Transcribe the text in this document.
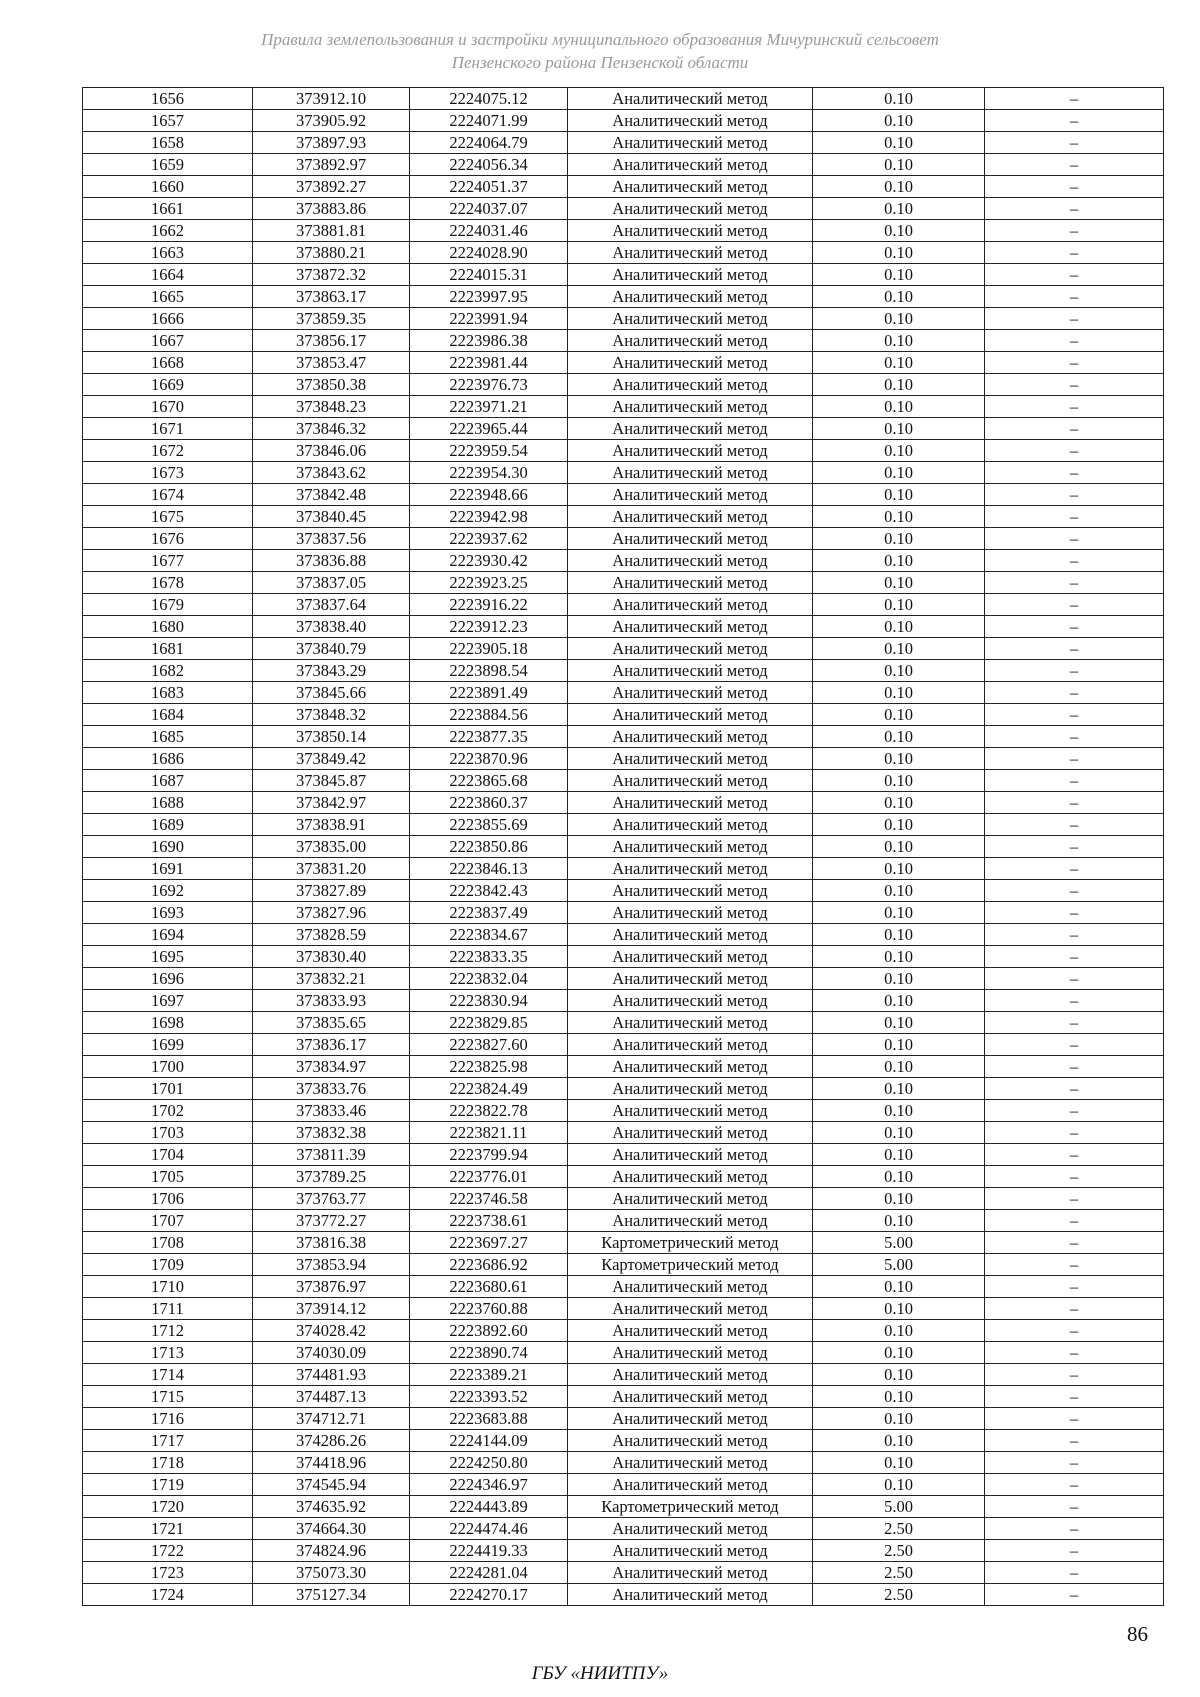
Правила землепользования и застройки муниципального образования Мичуринский сельсовет
Пензенского района Пензенской области
1656	373912.10	2224075.12	Аналитический метод	0.10	–
1657	373905.92	2224071.99	Аналитический метод	0.10	–
1658	373897.93	2224064.79	Аналитический метод	0.10	–
1659	373892.97	2224056.34	Аналитический метод	0.10	–
1660	373892.27	2224051.37	Аналитический метод	0.10	–
1661	373883.86	2224037.07	Аналитический метод	0.10	–
1662	373881.81	2224031.46	Аналитический метод	0.10	–
1663	373880.21	2224028.90	Аналитический метод	0.10	–
1664	373872.32	2224015.31	Аналитический метод	0.10	–
1665	373863.17	2223997.95	Аналитический метод	0.10	–
1666	373859.35	2223991.94	Аналитический метод	0.10	–
1667	373856.17	2223986.38	Аналитический метод	0.10	–
1668	373853.47	2223981.44	Аналитический метод	0.10	–
1669	373850.38	2223976.73	Аналитический метод	0.10	–
1670	373848.23	2223971.21	Аналитический метод	0.10	–
1671	373846.32	2223965.44	Аналитический метод	0.10	–
1672	373846.06	2223959.54	Аналитический метод	0.10	–
1673	373843.62	2223954.30	Аналитический метод	0.10	–
1674	373842.48	2223948.66	Аналитический метод	0.10	–
1675	373840.45	2223942.98	Аналитический метод	0.10	–
1676	373837.56	2223937.62	Аналитический метод	0.10	–
1677	373836.88	2223930.42	Аналитический метод	0.10	–
1678	373837.05	2223923.25	Аналитический метод	0.10	–
1679	373837.64	2223916.22	Аналитический метод	0.10	–
1680	373838.40	2223912.23	Аналитический метод	0.10	–
1681	373840.79	2223905.18	Аналитический метод	0.10	–
1682	373843.29	2223898.54	Аналитический метод	0.10	–
1683	373845.66	2223891.49	Аналитический метод	0.10	–
1684	373848.32	2223884.56	Аналитический метод	0.10	–
1685	373850.14	2223877.35	Аналитический метод	0.10	–
1686	373849.42	2223870.96	Аналитический метод	0.10	–
1687	373845.87	2223865.68	Аналитический метод	0.10	–
1688	373842.97	2223860.37	Аналитический метод	0.10	–
1689	373838.91	2223855.69	Аналитический метод	0.10	–
1690	373835.00	2223850.86	Аналитический метод	0.10	–
1691	373831.20	2223846.13	Аналитический метод	0.10	–
1692	373827.89	2223842.43	Аналитический метод	0.10	–
1693	373827.96	2223837.49	Аналитический метод	0.10	–
1694	373828.59	2223834.67	Аналитический метод	0.10	–
1695	373830.40	2223833.35	Аналитический метод	0.10	–
1696	373832.21	2223832.04	Аналитический метод	0.10	–
1697	373833.93	2223830.94	Аналитический метод	0.10	–
1698	373835.65	2223829.85	Аналитический метод	0.10	–
1699	373836.17	2223827.60	Аналитический метод	0.10	–
1700	373834.97	2223825.98	Аналитический метод	0.10	–
1701	373833.76	2223824.49	Аналитический метод	0.10	–
1702	373833.46	2223822.78	Аналитический метод	0.10	–
1703	373832.38	2223821.11	Аналитический метод	0.10	–
1704	373811.39	2223799.94	Аналитический метод	0.10	–
1705	373789.25	2223776.01	Аналитический метод	0.10	–
1706	373763.77	2223746.58	Аналитический метод	0.10	–
1707	373772.27	2223738.61	Аналитический метод	0.10	–
1708	373816.38	2223697.27	Картометрический метод	5.00	–
1709	373853.94	2223686.92	Картометрический метод	5.00	–
1710	373876.97	2223680.61	Аналитический метод	0.10	–
1711	373914.12	2223760.88	Аналитический метод	0.10	–
1712	374028.42	2223892.60	Аналитический метод	0.10	–
1713	374030.09	2223890.74	Аналитический метод	0.10	–
1714	374481.93	2223389.21	Аналитический метод	0.10	–
1715	374487.13	2223393.52	Аналитический метод	0.10	–
1716	374712.71	2223683.88	Аналитический метод	0.10	–
1717	374286.26	2224144.09	Аналитический метод	0.10	–
1718	374418.96	2224250.80	Аналитический метод	0.10	–
1719	374545.94	2224346.97	Аналитический метод	0.10	–
1720	374635.92	2224443.89	Картометрический метод	5.00	–
1721	374664.30	2224474.46	Аналитический метод	2.50	–
1722	374824.96	2224419.33	Аналитический метод	2.50	–
1723	375073.30	2224281.04	Аналитический метод	2.50	–
1724	375127.34	2224270.17	Аналитический метод	2.50	–
86
ГБУ «НИИТПУ»
